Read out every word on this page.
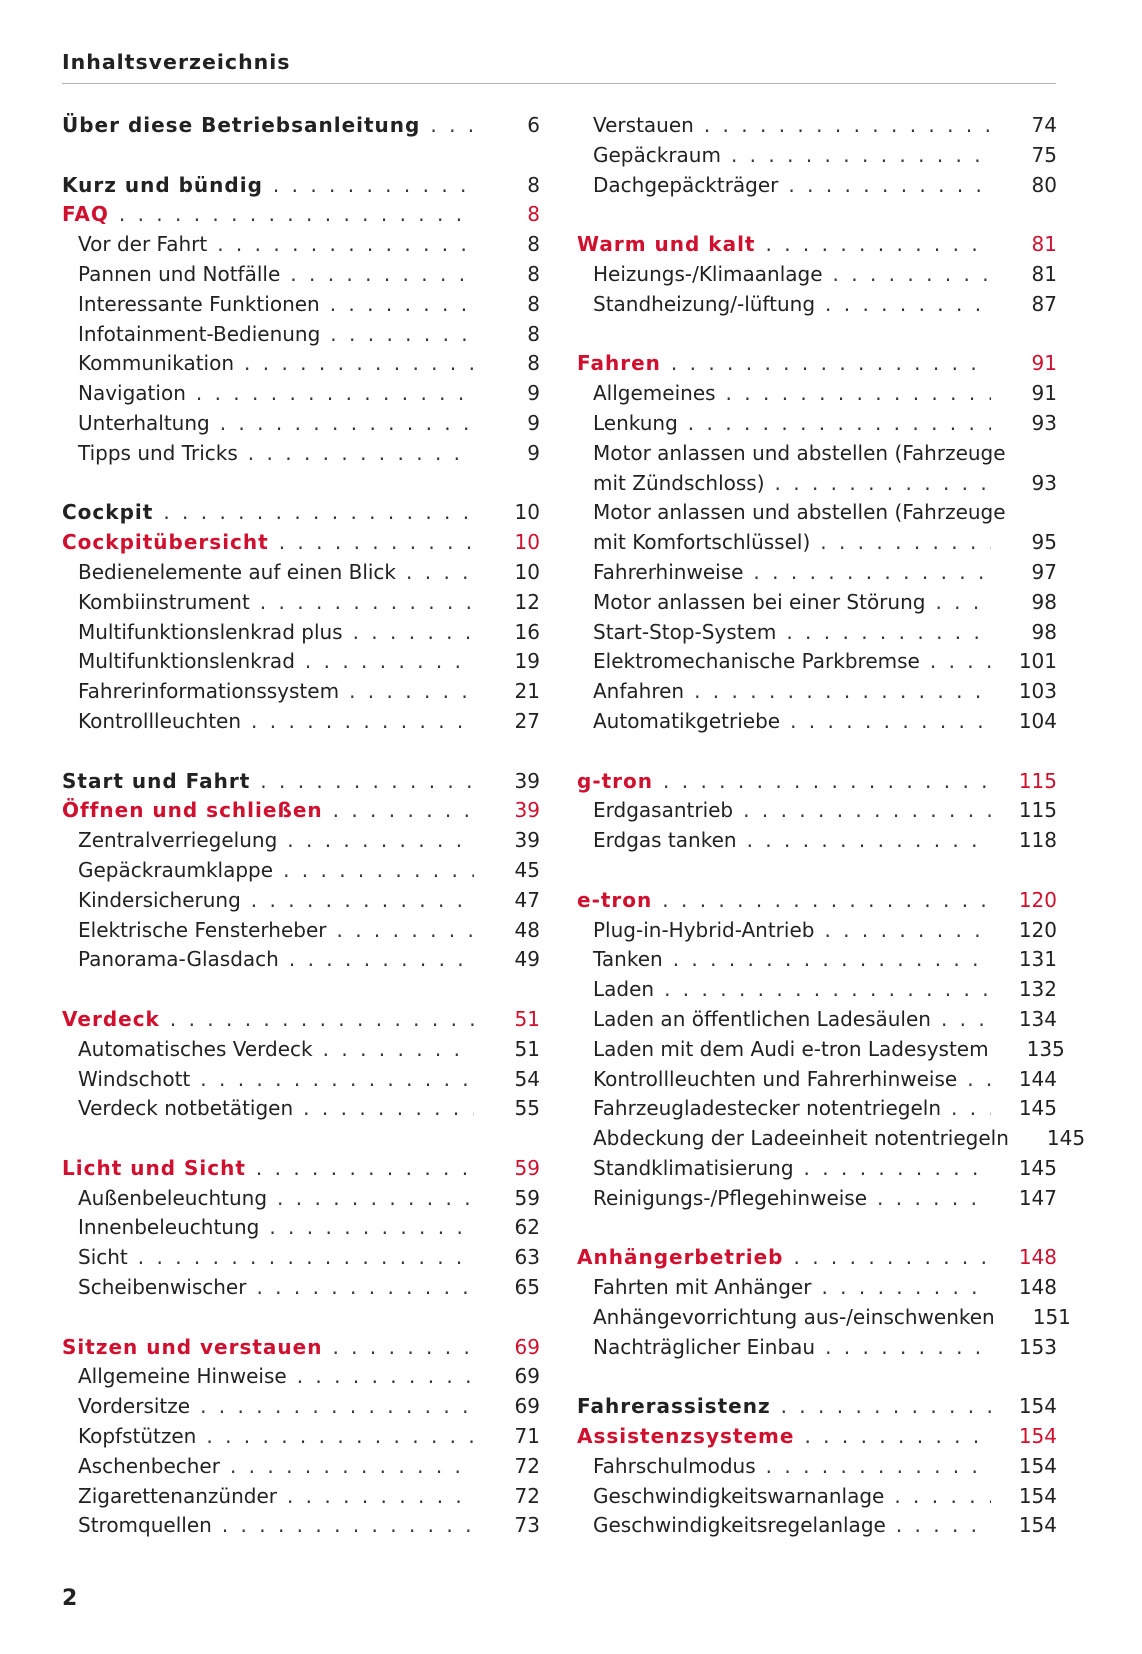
Inhaltsverzeichnis
Über diese Betriebsanleitung . . .	6
Kurz und bündig . . .	8
FAQ . . .	8
Vor der Fahrt . . .	8
Pannen und Notfälle . . .	8
Interessante Funktionen . . .	8
Infotainment-Bedienung . . .	8
Kommunikation . . .	8
Navigation . . .	9
Unterhaltung . . .	9
Tipps und Tricks . . .	9
Cockpit . . .	10
Cockpitübersicht . . .	10
Bedienelemente auf einen Blick . . .	10
Kombiinstrument . . .	12
Multifunktionslenkrad plus . . .	16
Multifunktionslenkrad . . .	19
Fahrerinformationssystem . . .	21
Kontrollleuchten . . .	27
Start und Fahrt . . .	39
Öffnen und schließen . . .	39
Zentralverriegelung . . .	39
Gepäckraumklappe . . .	45
Kindersicherung . . .	47
Elektrische Fensterheber . . .	48
Panorama-Glasdach . . .	49
Verdeck . . .	51
Automatisches Verdeck . . .	51
Windschott . . .	54
Verdeck notbetätigen . . .	55
Licht und Sicht . . .	59
Außenbeleuchtung . . .	59
Innenbeleuchtung . . .	62
Sicht . . .	63
Scheibenwischer . . .	65
Sitzen und verstauen . . .	69
Allgemeine Hinweise . . .	69
Vordersitze . . .	69
Kopfstützen . . .	71
Aschenbecher . . .	72
Zigarettenanzünder . . .	72
Stromquellen . . .	73
Verstauen . . .	74
Gepäckraum . . .	75
Dachgepäckträger . . .	80
Warm und kalt . . .	81
Heizungs-/Klimaanlage . . .	81
Standheizung/-lüftung . . .	87
Fahren . . .	91
Allgemeines . . .	91
Lenkung . . .	93
Motor anlassen und abstellen (Fahrzeuge
mit Zündschloss) . . .	93
Motor anlassen und abstellen (Fahrzeuge
mit Komfortschlüssel) . . .	95
Fahrerhinweise . . .	97
Motor anlassen bei einer Störung . . .	98
Start-Stop-System . . .	98
Elektromechanische Parkbremse . . .	101
Anfahren . . .	103
Automatikgetriebe . . .	104
g-tron . . .	115
Erdgasantrieb . . .	115
Erdgas tanken . . .	118
e-tron . . .	120
Plug-in-Hybrid-Antrieb . . .	120
Tanken . . .	131
Laden . . .	132
Laden an öffentlichen Ladesäulen . . .	134
Laden mit dem Audi e-tron Ladesystem . . . 135
Kontrollleuchten und Fahrerhinweise . . .	144
Fahrzeugladestecker notentriegeln . . .	145
Abdeckung der Ladeeinheit notentriegeln 145
Standklimatisierung . . .	145
Reinigungs-/Pflegehinweise . . .	147
Anhängerbetrieb . . .	148
Fahrten mit Anhänger . . .	148
Anhängevorrichtung aus-/einschwenken . . . 151
Nachträglicher Einbau . . .	153
Fahrerassistenz . . .	154
Assistenzsysteme . . .	154
Fahrschulmodus . . .	154
Geschwindigkeitswarnanlage . . .	154
Geschwindigkeitsregelanlage . . .	154
2
